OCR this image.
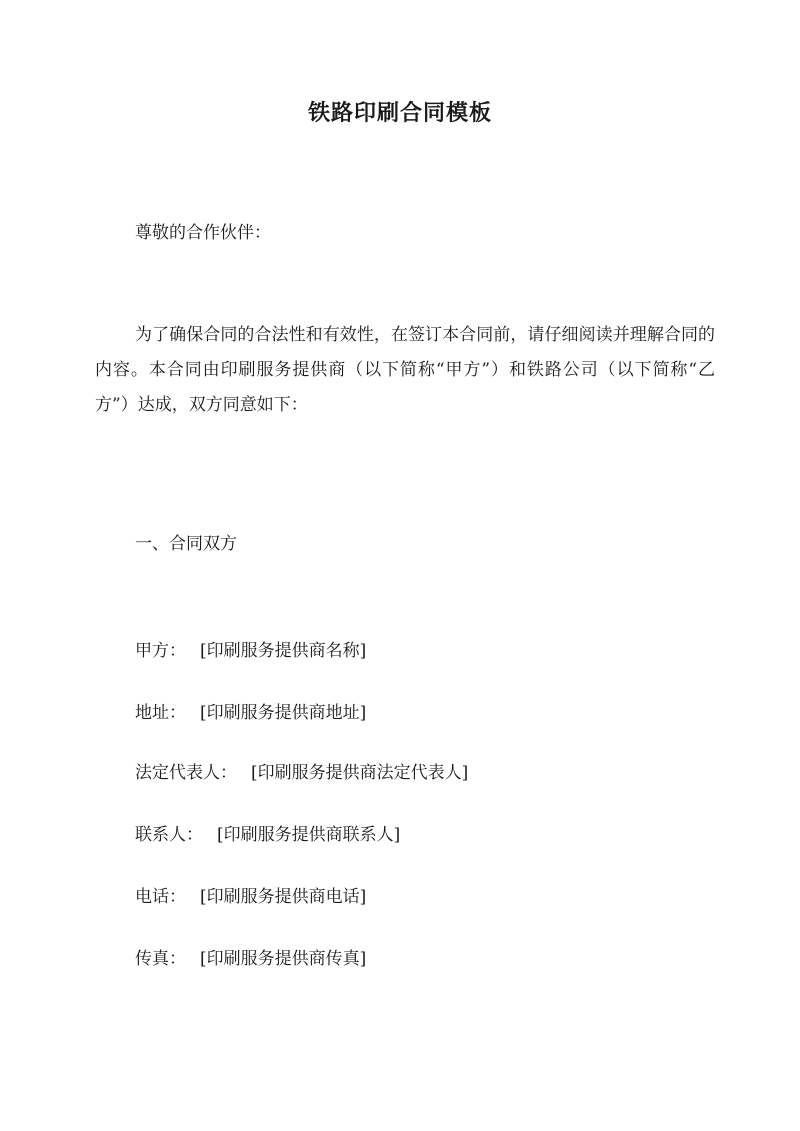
铁路印刷合同模板
尊敬的合作伙伴：
为了确保合同的合法性和有效性，在签订本合同前，请仔细阅读并理解合同的内容。本合同由印刷服务提供商（以下简称“甲方”）和铁路公司（以下简称“乙方”）达成，双方同意如下：
一、合同双方
甲方： [印刷服务提供商名称]
地址： [印刷服务提供商地址]
法定代表人： [印刷服务提供商法定代表人]
联系人： [印刷服务提供商联系人]
电话： [印刷服务提供商电话]
传真： [印刷服务提供商传真]
